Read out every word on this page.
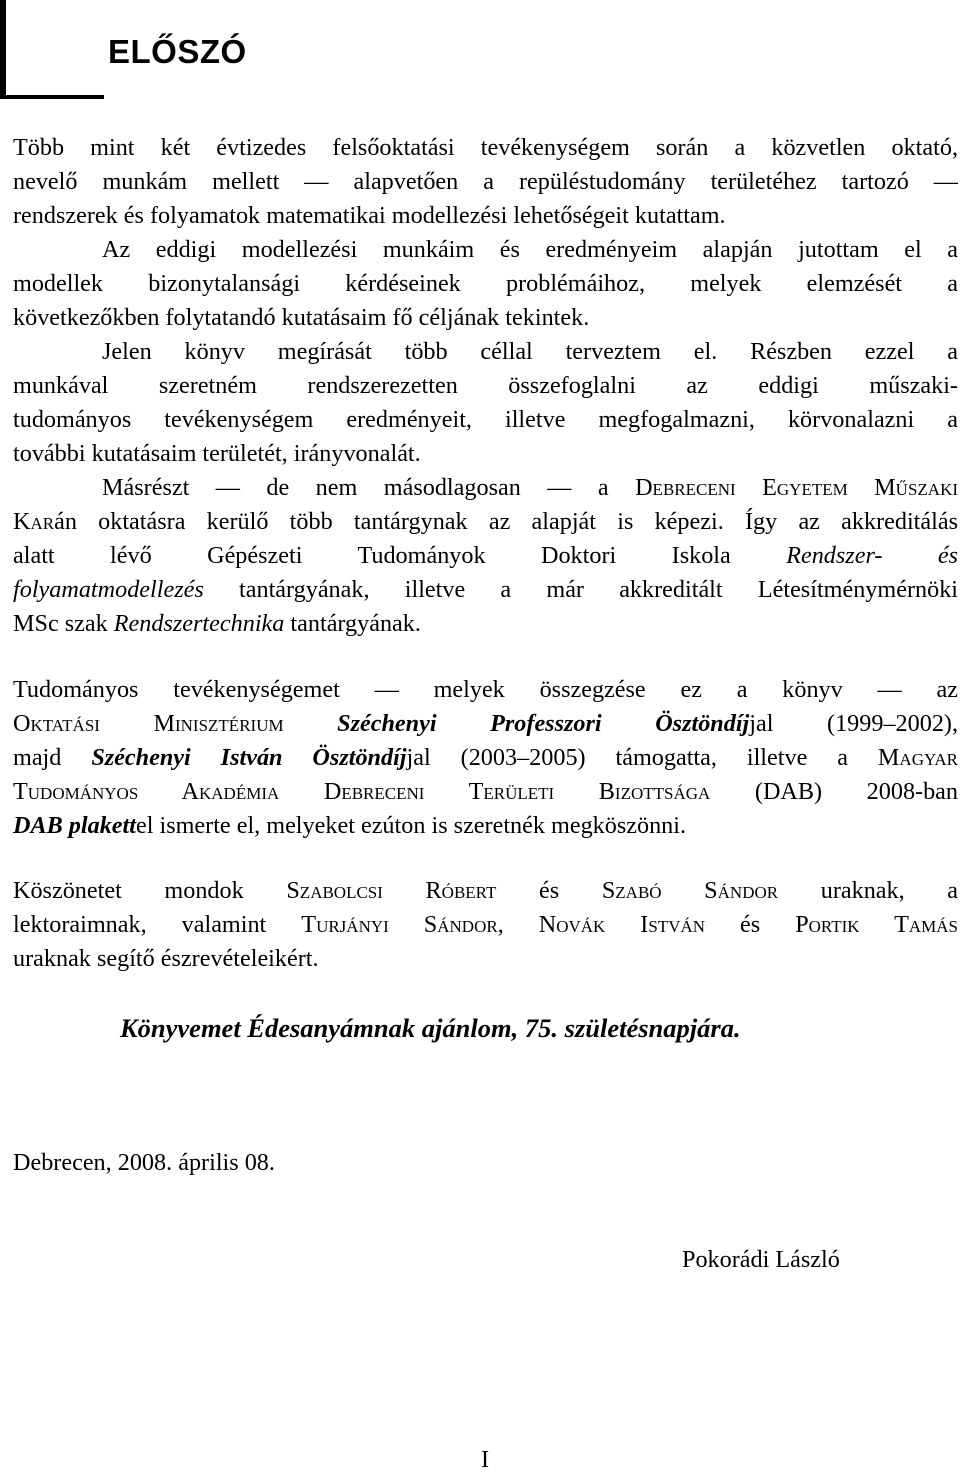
ELŐSZÓ
Több mint két évtizedes felsőoktatási tevékenységem során a közvetlen oktató,
nevelő munkám mellett — alapvetően a repüléstudomány területéhez tartozó —
rendszerek és folyamatok matematikai modellezési lehetőségeit kutattam.
Az eddigi modellezési munkáim és eredményeim alapján jutottam el a
modellek bizonytalansági kérdéseinek problémáihoz, melyek elemzését a
következőkben folytatandó kutatásaim fő céljának tekintek.
Jelen könyv megírását több céllal terveztem el. Részben ezzel a
munkával szeretném rendszerezetten összefoglalni az eddigi műszaki-
tudományos tevékenységem eredményeit, illetve megfogalmazni, körvonalazni a
további kutatásaim területét, irányvonalát.
Másrészt — de nem másodlagosan — a Debreceni Egyetem Műszaki
Karán oktatásra kerülő több tantárgynak az alapját is képezi. Így az akkreditálás
alatt lévő Gépészeti Tudományok Doktori Iskola Rendszer- és
folyamatmodellezés tantárgyának, illetve a már akkreditált Létesítménymérnöki
MSc szak Rendszertechnika tantárgyának.
Tudományos tevékenységemet — melyek összegzése ez a könyv — az
Oktatási Minisztérium Széchenyi Professzori Ösztöndíjjal (1999–2002),
majd Széchenyi István Ösztöndíjjal (2003–2005) támogatta, illetve a Magyar
Tudományos Akadémia Debreceni Területi Bizottsága (DAB) 2008-ban
DAB plakettel ismerte el, melyeket ezúton is szeretnék megköszönni.
Köszönetet mondok Szabolcsi Róbert és Szabó Sándor uraknak, a
lektoraimnak, valamint Turjányi Sándor, Novák István és Portik Tamás
uraknak segítő észrevételeikért.
Könyvemet Édesanyámnak ajánlom, 75. születésnapjára.
Debrecen, 2008. április 08.
Pokorádi László
I
